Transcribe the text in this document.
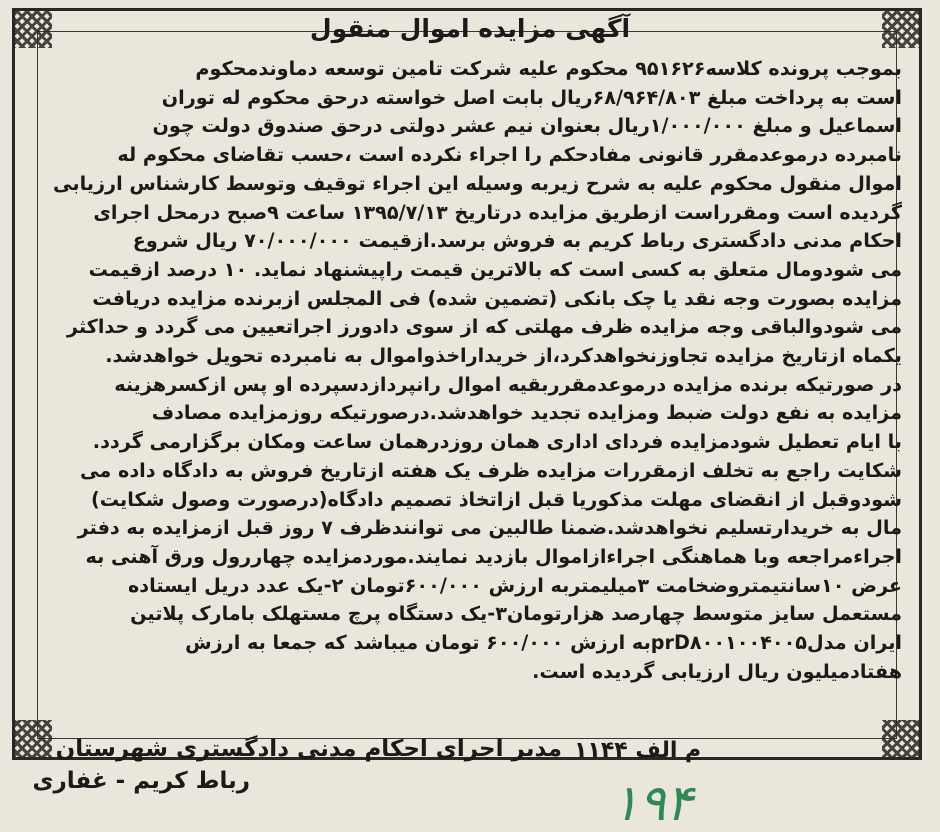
آگهی مزایده اموال منقول
بموجب پرونده کلاسه۹۵۱۶۲۶ محکوم علیه شرکت تامین توسعه دماوندمحکوم
است به پرداخت مبلغ ۶۸/۹۶۴/۸۰۳ریال بابت اصل خواسته درحق محکوم له توران
اسماعیل و مبلغ ۱/۰۰۰/۰۰۰ریال بعنوان نیم عشر دولتی درحق صندوق دولت چون
نامبرده درموعدمقرر قانونی مفادحکم را اجراء نکرده است ،حسب تقاضای محکوم له
اموال منقول محکوم علیه به شرح زیربه وسیله این اجراء توقیف وتوسط کارشناس ارزیابی
گردیده است ومقرراست ازطریق مزایده درتاریخ ۱۳۹۵/۷/۱۳ ساعت ۹صبح درمحل اجرای
احکام مدنی دادگستری رباط کریم به فروش برسد.ازقیمت ۷۰/۰۰۰/۰۰۰ ریال شروع
می شودومال متعلق به کسی است که بالاترین قیمت راپیشنهاد نماید. ۱۰ درصد ازقیمت
مزایده بصورت وجه نقد یا چک بانکی (تضمین شده) فی المجلس ازبرنده مزایده دریافت
می شودوالباقی وجه مزایده ظرف مهلتی که از سوی دادورز اجراتعیین می گردد و حداکثر
یکماه ازتاریخ مزایده تجاوزنخواهدکرد،از خریداراخذواموال به نامبرده تحویل خواهدشد.
در صورتیکه برنده مزایده درموعدمقرربقیه اموال رانپردازدسپرده او پس ازکسرهزینه
مزایده به نفع دولت ضبط ومزایده تجدید خواهدشد.درصورتیکه روزمزایده مصادف
با ایام تعطیل شودمزایده فردای اداری همان روزدرهمان ساعت ومکان برگزارمی گردد.
شکایت راجع به تخلف ازمقررات مزایده ظرف یک هفته ازتاریخ فروش به دادگاه داده می
شودوقبل از انقضای مهلت مذکوریا قبل ازاتخاذ تصمیم دادگاه(درصورت وصول شکایت)
مال به خریدارتسلیم نخواهدشد.ضمنا طالبین می توانندظرف ۷ روز قبل ازمزایده به دفتر
اجراءمراجعه وبا هماهنگی اجراءازاموال بازدید نمایند.موردمزایده چهاررول ورق آهنی به
عرض ۱۰سانتیمتروضخامت ۳میلیمتربه ارزش ۶۰۰/۰۰۰تومان ۲-یک عدد دریل ایستاده
مستعمل سایز متوسط چهارصد هزارتومان۳-یک دستگاه پرچ مستهلک بامارک پلاتین
ایران مدلprD۸۰۰۱۰۰۴۰۰۵به ارزش ۶۰۰/۰۰۰ تومان میباشد که جمعا به ارزش
هفتادمیلیون ریال ارزیابی گردیده است.
م الف ۱۱۴۴
مدیر اجرای احکام مدنی دادگستری شهرستان
رباط کریم - غفاری	۱۹۴
